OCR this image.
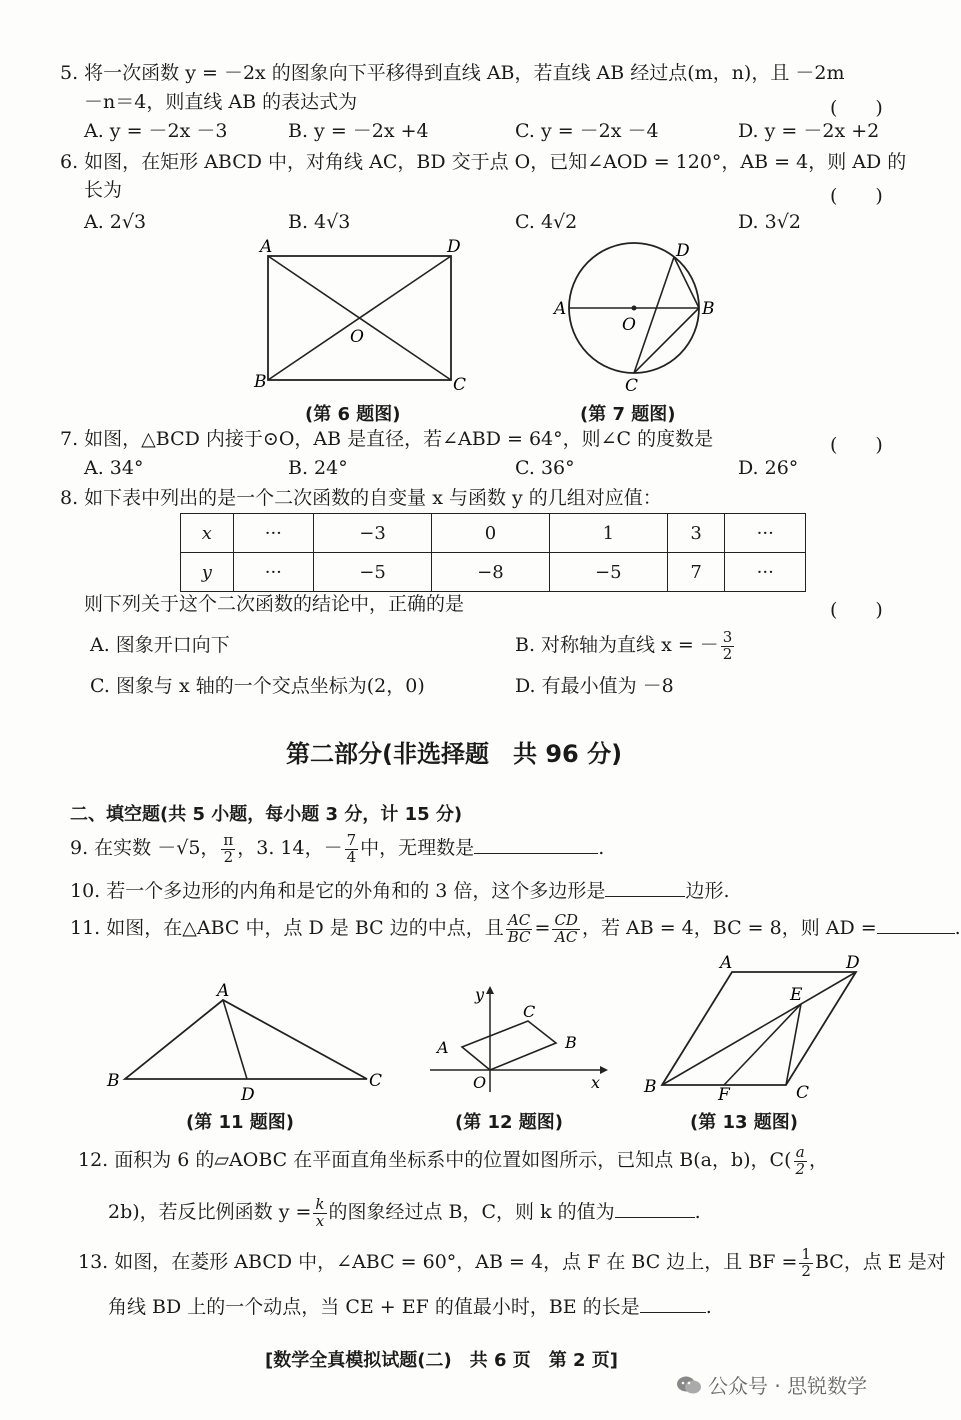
5. 将一次函数 y = －2x 的图象向下平移得到直线 AB，若直线 AB 经过点(m，n)，且 －2m
－n＝4，则直线 AB 的表达式为	(　　)
A. y = －2x －3	B. y = －2x +4	C. y = －2x －4	D. y = －2x +2
6. 如图，在矩形 ABCD 中，对角线 AC，BD 交于点 O，已知∠AOD = 120°，AB = 4，则 AD 的
长为	(　　)
A. 2√3	B. 4√3	C. 4√2	D. 3√2
A	D
B	C
O
(第 6 题图)
A	B
D
C
O
(第 7 题图)
7. 如图，△BCD 内接于⊙O，AB 是直径，若∠ABD = 64°，则∠C 的度数是	(　　)
A. 34°	B. 24°	C. 36°	D. 26°
8. 如下表中列出的是一个二次函数的自变量 x 与函数 y 的几组对应值：
x	···	−3	0	1	3	···
y	···	−5	−8	−5	7	···
则下列关于这个二次函数的结论中，正确的是	(　　)
A. 图象开口向下	B. 对称轴为直线 x = － $\frac{3}{2}$
C. 图象与 x 轴的一个交点坐标为(2，0)	D. 有最小值为 －8
第二部分(非选择题　共 96 分)
二、填空题(共 5 小题，每小题 3 分，计 15 分)
9. 在实数 －√5， $\frac{\pi}{2}$ ，3. 14，－ $\frac{7}{4}$ 中，无理数是	.
10. 若一个多边形的内角和是它的外角和的 3 倍，这个多边形是	边形.
11. 如图，在△ABC 中，点 D 是 BC 边的中点，且 $\frac{AC}{BC} = \frac{CD}{AC}$ ，若 AB = 4，BC = 8，则 AD =	.
A
B	C
D
(第 11 题图)
A
C
B
O	x
y
(第 12 题图)
A	D
B	C
E
F
(第 13 题图)
12. 面积为 6 的▱AOBC 在平面直角坐标系中的位置如图所示，已知点 B(a，b)，$C( \frac{a}{2}$ ，
2b)，若反比例函数 $y = \frac{k}{x}$ 的图象经过点 B，C，则 k 的值为	.
13. 如图，在菱形 ABCD 中，∠ABC = 60°，AB = 4，点 F 在 BC 边上，且 BF = $\frac{1}{2}$ BC，点 E 是对
角线 BD 上的一个动点，当 CE + EF 的值最小时，BE 的长是	.
[数学全真模拟试题(二)　共 6 页　第 2 页]
公众号 · 思锐数学
